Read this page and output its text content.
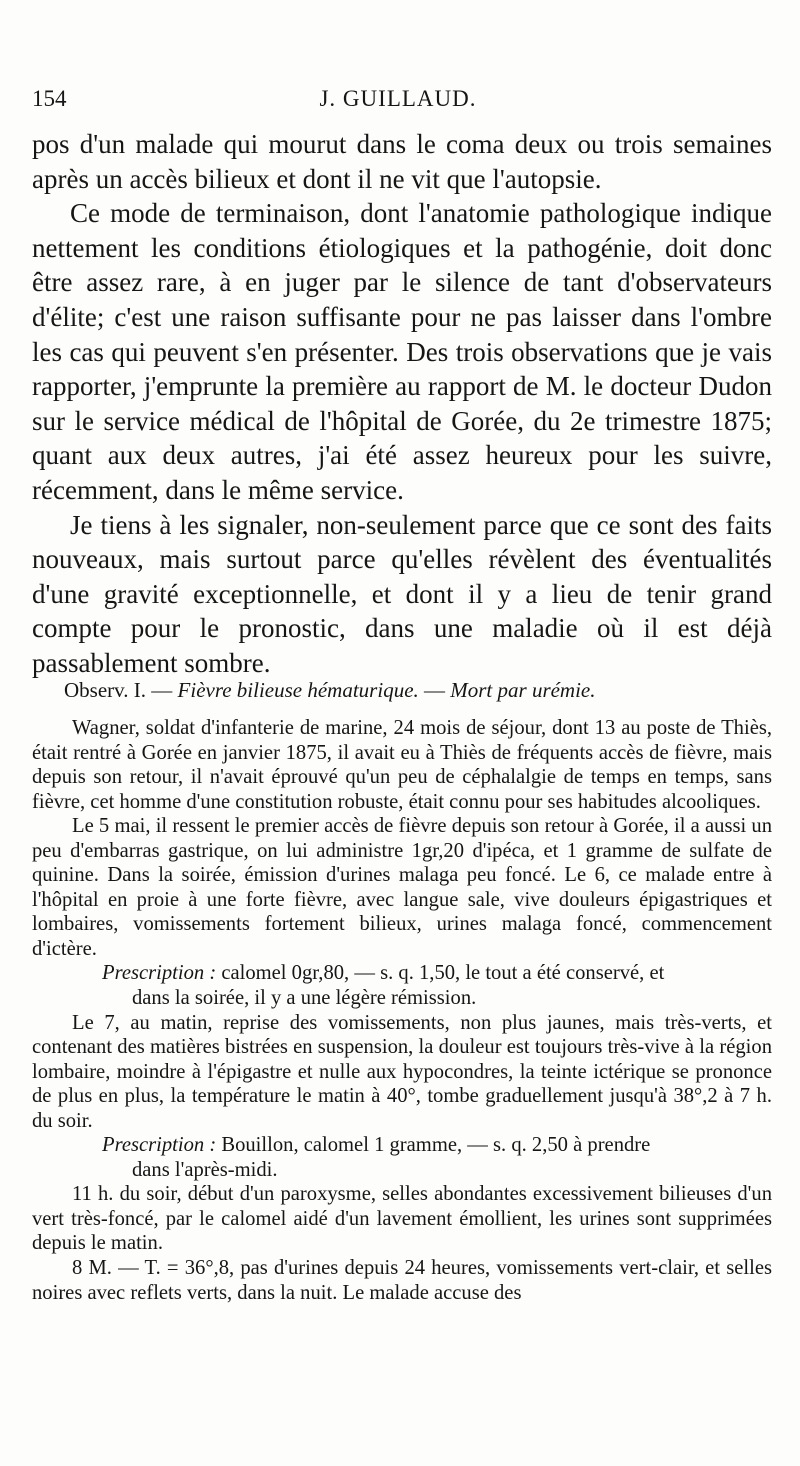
154	J. GUILLAUD.

pos d'un malade qui mourut dans le coma deux ou trois semaines après un accès bilieux et dont il ne vit que l'autopsie.

Ce mode de terminaison, dont l'anatomie pathologique indique nettement les conditions étiologiques et la pathogénie, doit donc être assez rare, à en juger par le silence de tant d'observateurs d'élite; c'est une raison suffisante pour ne pas laisser dans l'ombre les cas qui peuvent s'en présenter. Des trois observations que je vais rapporter, j'emprunte la première au rapport de M. le docteur Dudon sur le service médical de l'hôpital de Gorée, du 2e trimestre 1875; quant aux deux autres, j'ai été assez heureux pour les suivre, récemment, dans le même service.

Je tiens à les signaler, non-seulement parce que ce sont des faits nouveaux, mais surtout parce qu'elles révèlent des éventualités d'une gravité exceptionnelle, et dont il y a lieu de tenir grand compte pour le pronostic, dans une maladie où il est déjà passablement sombre.

Observ. I. — Fièvre bilieuse hématurique. — Mort par urémie.

Wagner, soldat d'infanterie de marine, 24 mois de séjour, dont 13 au poste de Thiès, était rentré à Gorée en janvier 1875, il avait eu à Thiès de fréquents accès de fièvre, mais depuis son retour, il n'avait éprouvé qu'un peu de céphalalgie de temps en temps, sans fièvre, cet homme d'une constitution robuste, était connu pour ses habitudes alcooliques.

Le 5 mai, il ressent le premier accès de fièvre depuis son retour à Gorée, il a aussi un peu d'embarras gastrique, on lui administre 1gr,20 d'ipéca, et 1 gramme de sulfate de quinine. Dans la soirée, émission d'urines malaga peu foncé. Le 6, ce malade entre à l'hôpital en proie à une forte fièvre, avec langue sale, vive douleurs épigastriques et lombaires, vomissements fortement bilieux, urines malaga foncé, commencement d'ictère.

Prescription : calomel 0gr,80, — s. q. 1,50, le tout a été conservé, et
dans la soirée, il y a une légère rémission.

Le 7, au matin, reprise des vomissements, non plus jaunes, mais très-verts, et contenant des matières bistrées en suspension, la douleur est toujours très-vive à la région lombaire, moindre à l'épigastre et nulle aux hypocondres, la teinte ictérique se prononce de plus en plus, la température le matin à 40°, tombe graduellement jusqu'à 38°,2 à 7 h. du soir.

Prescription : Bouillon, calomel 1 gramme, — s. q. 2,50 à prendre
dans l'après-midi.

11 h. du soir, début d'un paroxysme, selles abondantes excessivement bilieuses d'un vert très-foncé, par le calomel aidé d'un lavement émollient, les urines sont supprimées depuis le matin.

8 M. — T. = 36°,8, pas d'urines depuis 24 heures, vomissements vert-clair, et selles noires avec reflets verts, dans la nuit. Le malade accuse des
